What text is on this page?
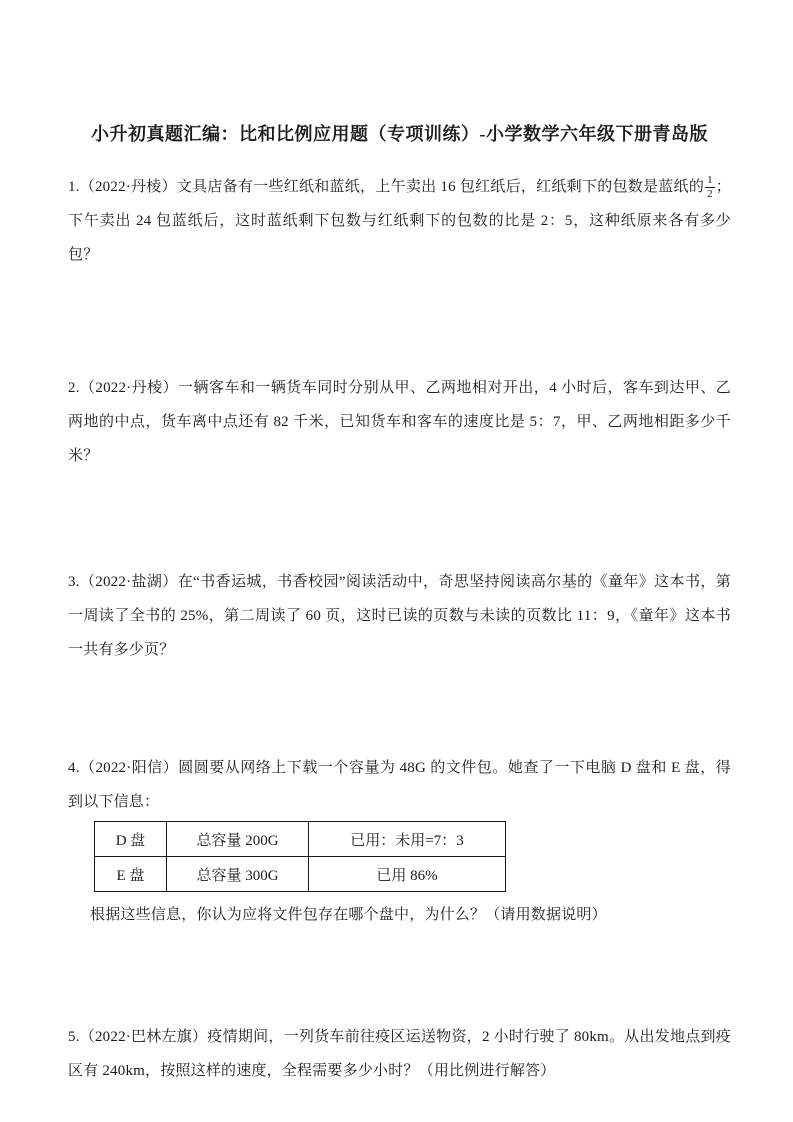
小升初真题汇编：比和比例应用题（专项训练）-小学数学六年级下册青岛版

1.（2022·丹棱）文具店备有一些红纸和蓝纸，上午卖出 16 包红纸后，红纸剩下的包数是蓝纸的 $\frac{1}{2}$ ；下午卖出 24 包蓝纸后，这时蓝纸剩下包数与红纸剩下的包数的比是 2：5，这种纸原来各有多少包？

2.（2022·丹棱）一辆客车和一辆货车同时分别从甲、乙两地相对开出，4 小时后，客车到达甲、乙两地的中点，货车离中点还有 82 千米，已知货车和客车的速度比是 5：7，甲、乙两地相距多少千米？

3.（2022·盐湖）在“书香运城，书香校园”阅读活动中，奇思坚持阅读高尔基的《童年》这本书，第一周读了全书的 25%，第二周读了 60 页，这时已读的页数与未读的页数比 11：9，《童年》这本书一共有多少页？

4.（2022·阳信）圆圆要从网络上下载一个容量为 48G 的文件包。她查了一下电脑 D 盘和 E 盘，得到以下信息：

D 盘	总容量 200G	已用：未用=7：3
E 盘	总容量 300G	已用 86%

根据这些信息，你认为应将文件包存在哪个盘中，为什么？（请用数据说明）

5.（2022·巴林左旗）疫情期间，一列货车前往疫区运送物资，2 小时行驶了 80km。从出发地点到疫区有 240km，按照这样的速度，全程需要多少小时？（用比例进行解答）
